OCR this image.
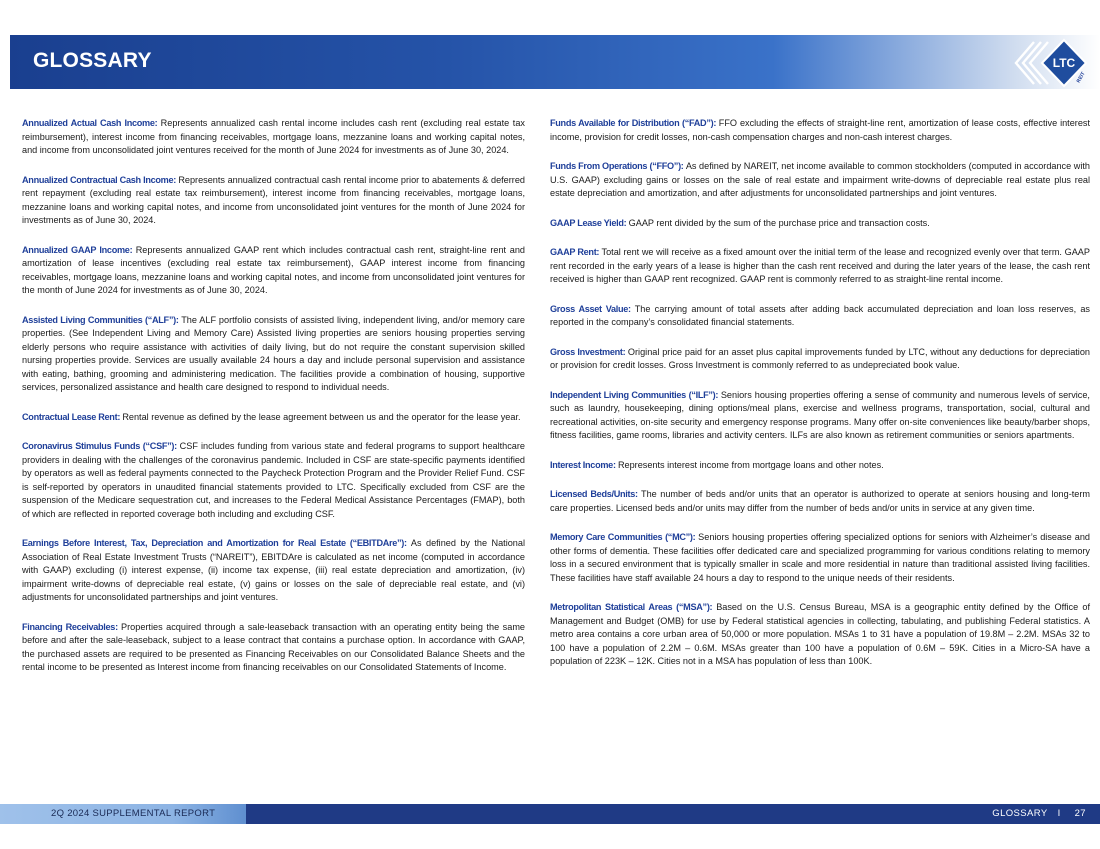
GLOSSARY	LTC
REIT

Annualized Actual Cash Income: Represents annualized cash rental income includes cash rent (excluding real estate tax reimbursement), interest income from financing receivables, mortgage loans, mezzanine loans and working capital notes, and income from unconsolidated joint ventures received for the month of June 2024 for investments as of June 30, 2024.

Annualized Contractual Cash Income: Represents annualized contractual cash rental income prior to abatements & deferred rent repayment (excluding real estate tax reimbursement), interest income from financing receivables, mortgage loans, mezzanine loans and working capital notes, and income from unconsolidated joint ventures for the month of June 2024 for investments as of June 30, 2024.

Annualized GAAP Income: Represents annualized GAAP rent which includes contractual cash rent, straight-line rent and amortization of lease incentives (excluding real estate tax reimbursement), GAAP interest income from financing receivables, mortgage loans, mezzanine loans and working capital notes, and income from unconsolidated joint ventures for the month of June 2024 for investments as of June 30, 2024.

Assisted Living Communities (“ALF”): The ALF portfolio consists of assisted living, independent living, and/or memory care properties. (See Independent Living and Memory Care) Assisted living properties are seniors housing properties serving elderly persons who require assistance with activities of daily living, but do not require the constant supervision skilled nursing properties provide. Services are usually available 24 hours a day and include personal supervision and assistance with eating, bathing, grooming and administering medication. The facilities provide a combination of housing, supportive services, personalized assistance and health care designed to respond to individual needs.

Contractual Lease Rent: Rental revenue as defined by the lease agreement between us and the operator for the lease year.

Coronavirus Stimulus Funds (“CSF”): CSF includes funding from various state and federal programs to support healthcare providers in dealing with the challenges of the coronavirus pandemic. Included in CSF are state-specific payments identified by operators as well as federal payments connected to the Paycheck Protection Program and the Provider Relief Fund. CSF is self-reported by operators in unaudited financial statements provided to LTC. Specifically excluded from CSF are the suspension of the Medicare sequestration cut, and increases to the Federal Medical Assistance Percentages (FMAP), both of which are reflected in reported coverage both including and excluding CSF.

Earnings Before Interest, Tax, Depreciation and Amortization for Real Estate (“EBITDAre”): As defined by the National Association of Real Estate Investment Trusts (“NAREIT”), EBITDAre is calculated as net income (computed in accordance with GAAP) excluding (i) interest expense, (ii) income tax expense, (iii) real estate depreciation and amortization, (iv) impairment write-downs of depreciable real estate, (v) gains or losses on the sale of depreciable real estate, and (vi) adjustments for unconsolidated partnerships and joint ventures.

Financing Receivables: Properties acquired through a sale-leaseback transaction with an operating entity being the same before and after the sale-leaseback, subject to a lease contract that contains a purchase option. In accordance with GAAP, the purchased assets are required to be presented as Financing Receivables on our Consolidated Balance Sheets and the rental income to be presented as Interest income from financing receivables on our Consolidated Statements of Income.

Funds Available for Distribution (“FAD”): FFO excluding the effects of straight-line rent, amortization of lease costs, effective interest income, provision for credit losses, non-cash compensation charges and non-cash interest charges.

Funds From Operations (“FFO”): As defined by NAREIT, net income available to common stockholders (computed in accordance with U.S. GAAP) excluding gains or losses on the sale of real estate and impairment write-downs of depreciable real estate plus real estate depreciation and amortization, and after adjustments for unconsolidated partnerships and joint ventures.

GAAP Lease Yield: GAAP rent divided by the sum of the purchase price and transaction costs.

GAAP Rent: Total rent we will receive as a fixed amount over the initial term of the lease and recognized evenly over that term. GAAP rent recorded in the early years of a lease is higher than the cash rent received and during the later years of the lease, the cash rent received is higher than GAAP rent recognized. GAAP rent is commonly referred to as straight-line rental income.

Gross Asset Value: The carrying amount of total assets after adding back accumulated depreciation and loan loss reserves, as reported in the company’s consolidated financial statements.

Gross Investment: Original price paid for an asset plus capital improvements funded by LTC, without any deductions for depreciation or provision for credit losses. Gross Investment is commonly referred to as undepreciated book value.

Independent Living Communities (“ILF”): Seniors housing properties offering a sense of community and numerous levels of service, such as laundry, housekeeping, dining options/meal plans, exercise and wellness programs, transportation, social, cultural and recreational activities, on-site security and emergency response programs. Many offer on-site conveniences like beauty/barber shops, fitness facilities, game rooms, libraries and activity centers. ILFs are also known as retirement communities or seniors apartments.

Interest Income: Represents interest income from mortgage loans and other notes.

Licensed Beds/Units: The number of beds and/or units that an operator is authorized to operate at seniors housing and long-term care properties. Licensed beds and/or units may differ from the number of beds and/or units in service at any given time.

Memory Care Communities (“MC”): Seniors housing properties offering specialized options for seniors with Alzheimer’s disease and other forms of dementia. These facilities offer dedicated care and specialized programming for various conditions relating to memory loss in a secured environment that is typically smaller in scale and more residential in nature than traditional assisted living facilities. These facilities have staff available 24 hours a day to respond to the unique needs of their residents.

Metropolitan Statistical Areas (“MSA”): Based on the U.S. Census Bureau, MSA is a geographic entity defined by the Office of Management and Budget (OMB) for use by Federal statistical agencies in collecting, tabulating, and publishing Federal statistics. A metro area contains a core urban area of 50,000 or more population. MSAs 1 to 31 have a population of 19.8M – 2.2M. MSAs 32 to 100 have a population of 2.2M – 0.6M. MSAs greater than 100 have a population of 0.6M – 59K. Cities in a Micro-SA have a population of 223K – 12K. Cities not in a MSA has population of less than 100K.

2Q 2024 SUPPLEMENTAL REPORT	GLOSSARY I 27
